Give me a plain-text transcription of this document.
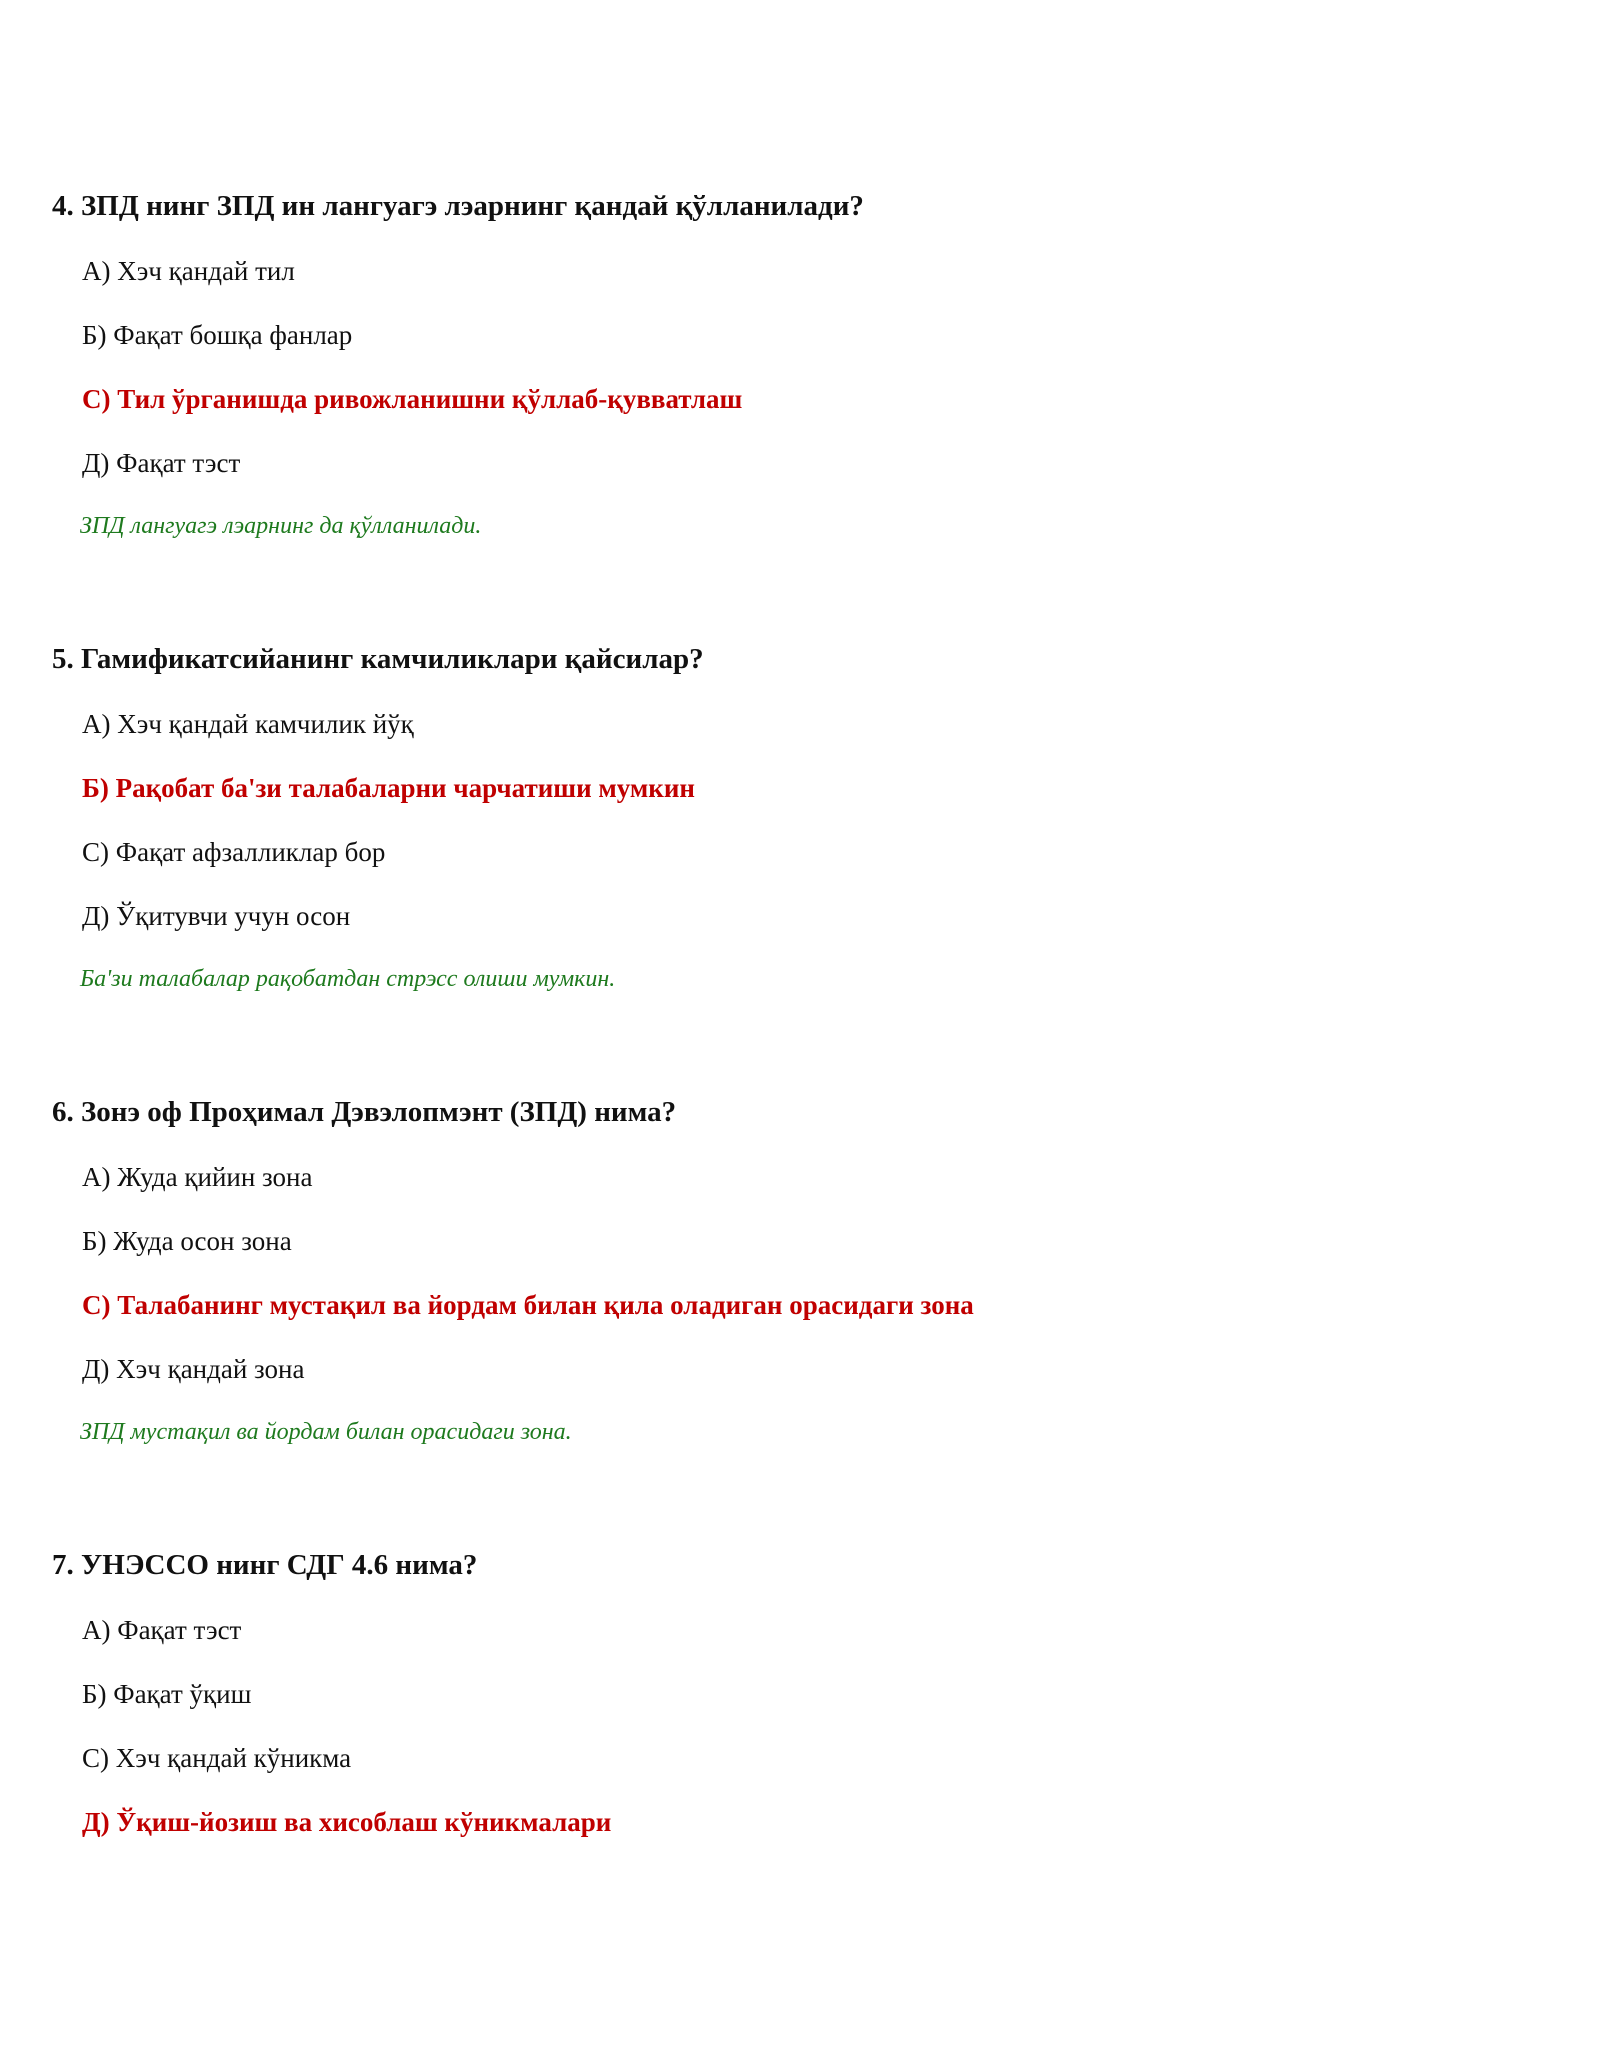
4. ЗПД нинг ЗПД ин лангуагэ лэарнинг қандай қўлланилади?

А) Хэч қандай тил
Б) Фақат бошқа фанлар
С) Тил ўрганишда ривожланишни қўллаб-қувватлаш
Д) Фақат тэст
ЗПД лангуагэ лэарнинг да қўлланилади.

5. Гамификатсийанинг камчиликлари қайсилар?

А) Хэч қандай камчилик йўқ
Б) Рақобат ба'зи талабаларни чарчатиши мумкин
С) Фақат афзалликлар бор
Д) Ўқитувчи учун осон
Ба'зи талабалар рақобатдан стрэсс олиши мумкин.

6. Зонэ оф Проҳимал Дэвэлопмэнт (ЗПД) нима?

А) Жуда қийин зона
Б) Жуда осон зона
С) Талабанинг мустақил ва йордам билан қила оладиган орасидаги зона
Д) Хэч қандай зона
ЗПД мустақил ва йордам билан орасидаги зона.

7. УНЭССО нинг СДГ 4.6 нима?

А) Фақат тэст
Б) Фақат ўқиш
С) Хэч қандай кўникма
Д) Ўқиш-йозиш ва хисоблаш кўникмалари
